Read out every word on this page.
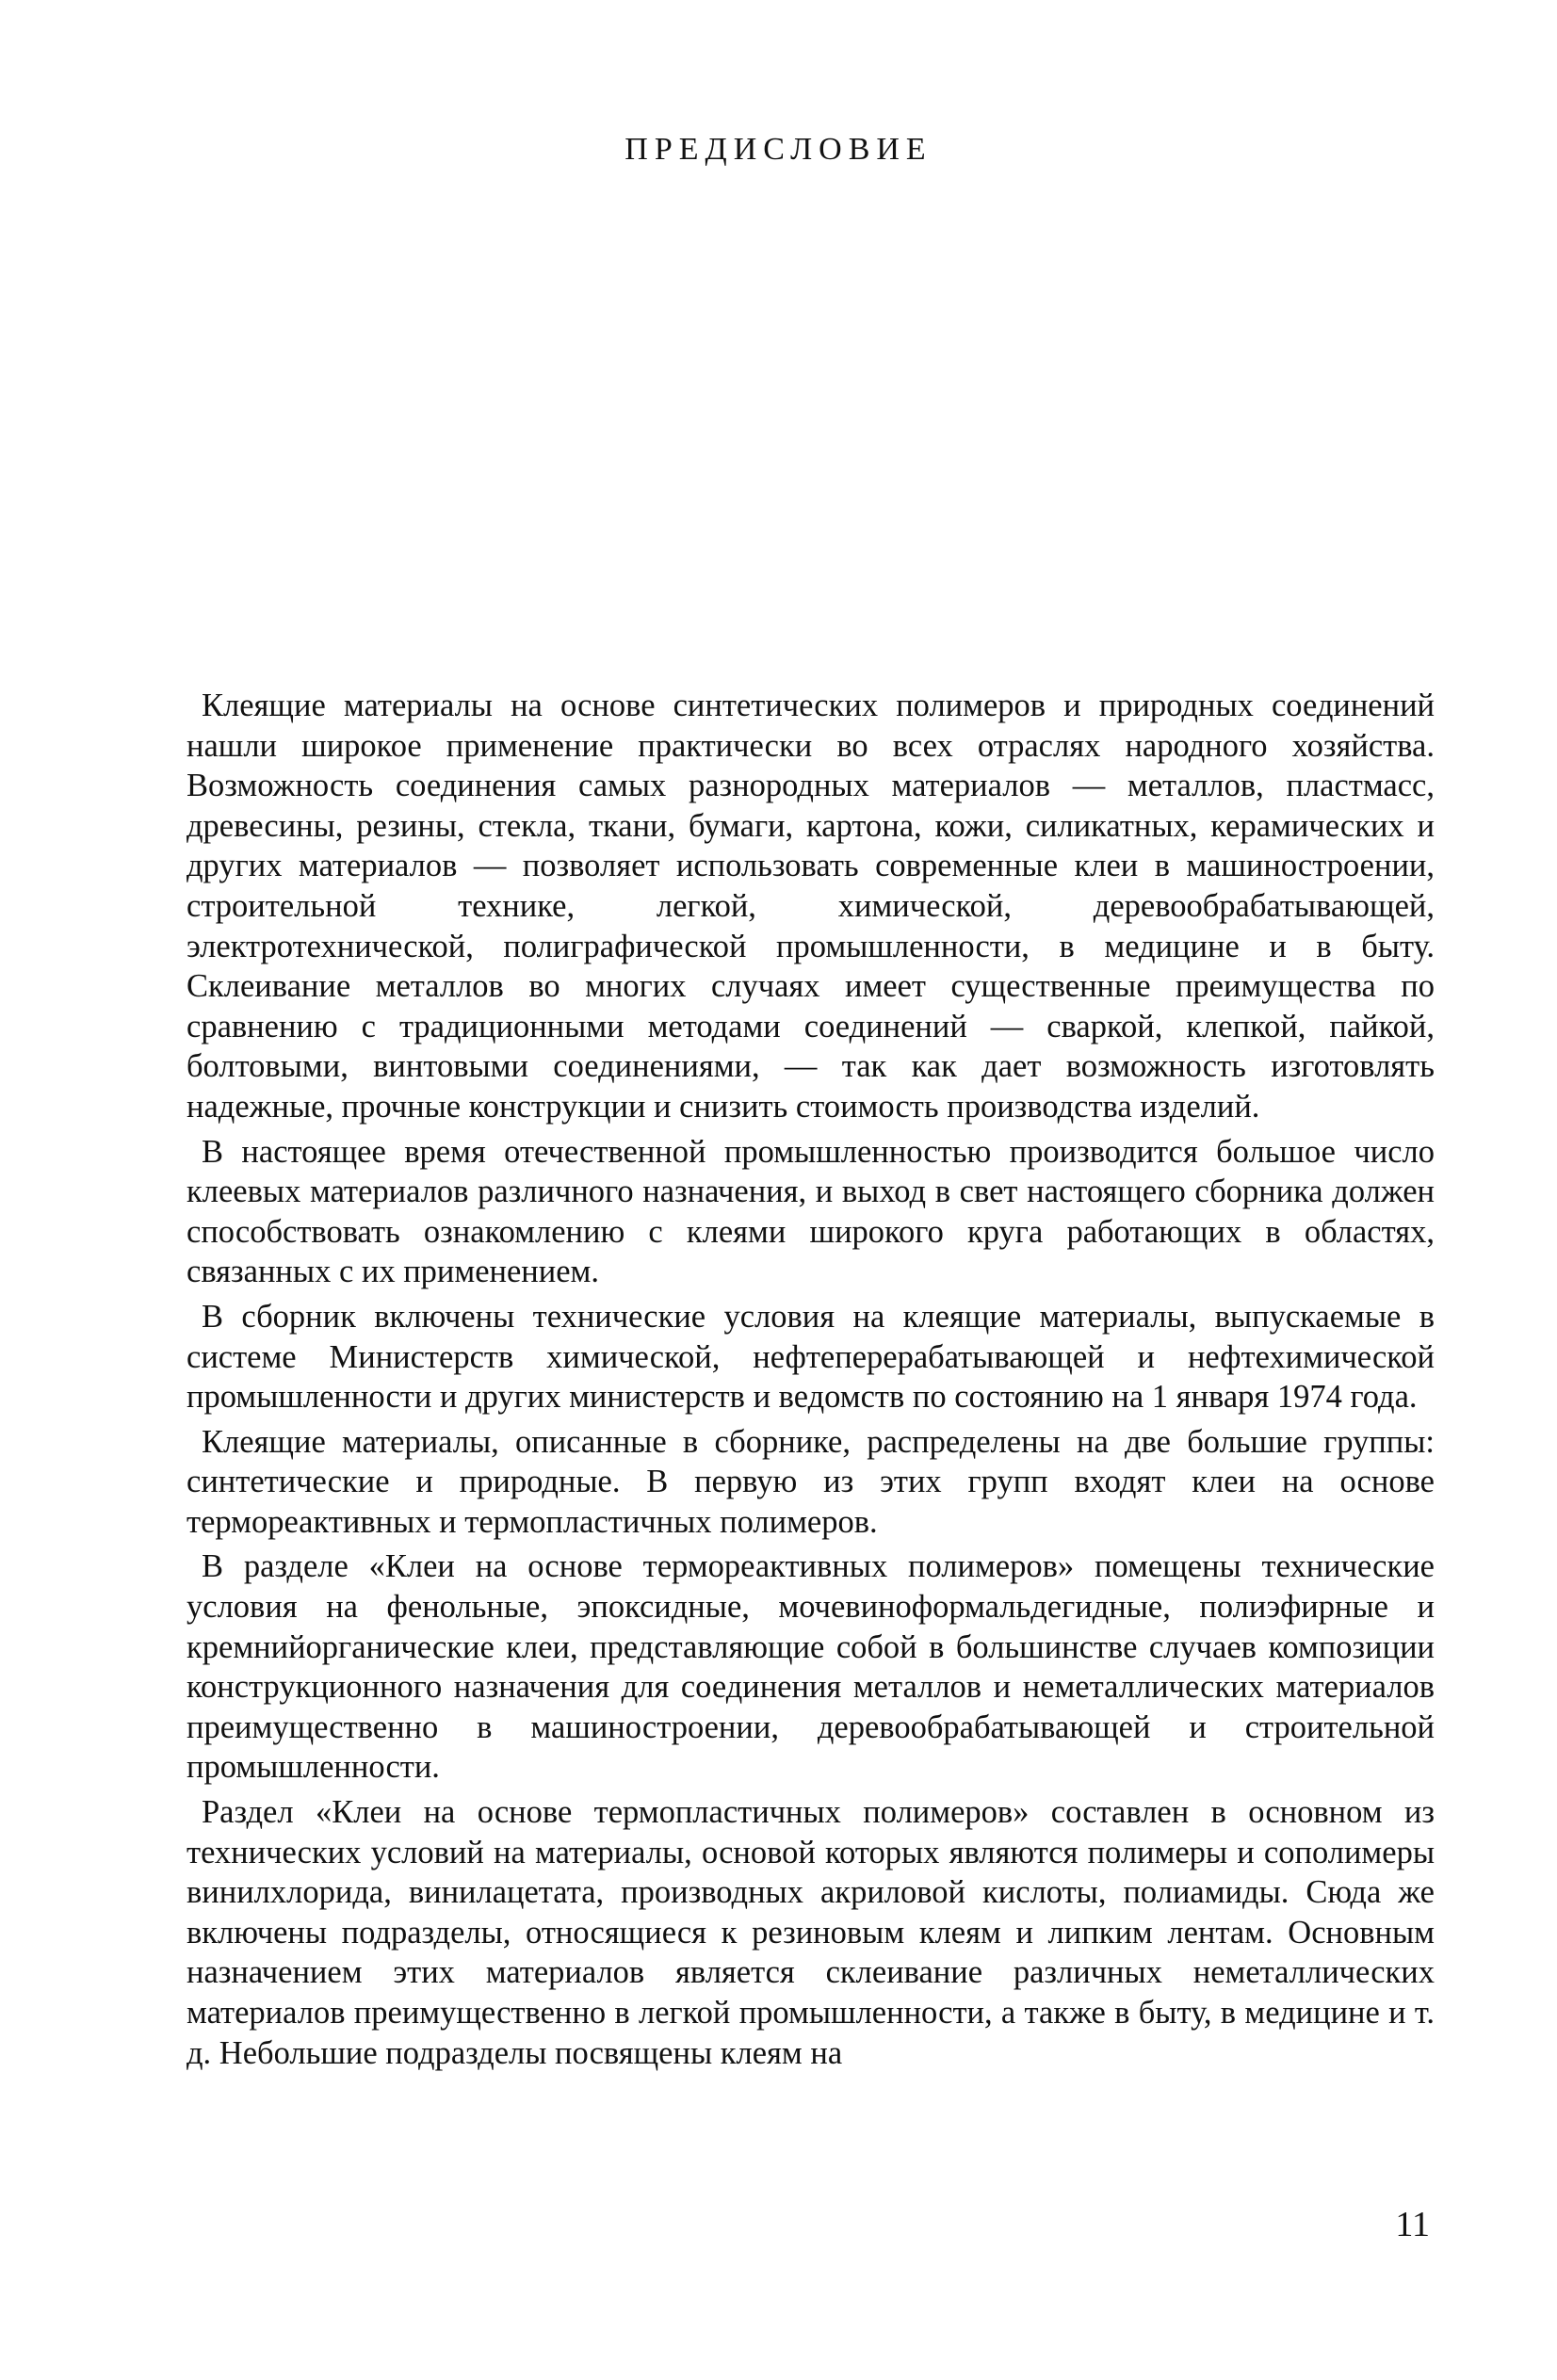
ПРЕДИСЛОВИЕ

Клеящие материалы на основе синтетических полимеров и природных соединений нашли широкое применение практически во всех отраслях народного хозяйства. Возможность соединения самых разнородных материалов — металлов, пластмасс, древесины, резины, стекла, ткани, бумаги, картона, кожи, силикатных, керамических и других материалов — позволяет использовать современные клеи в машиностроении, строительной технике, легкой, химической, деревообрабатывающей, электротехнической, полиграфической промышленности, в медицине и в быту. Склеивание металлов во многих случаях имеет существенные преимущества по сравнению с традиционными методами соединений — сваркой, клепкой, пайкой, болтовыми, винтовыми соединениями, — так как дает возможность изготовлять надежные, прочные конструкции и снизить стоимость производства изделий.

В настоящее время отечественной промышленностью производится большое число клеевых материалов различного назначения, и выход в свет настоящего сборника должен способствовать ознакомлению с клеями широкого круга работающих в областях, связанных с их применением.

В сборник включены технические условия на клеящие материалы, выпускаемые в системе Министерств химической, нефтеперерабатывающей и нефтехимической промышленности и других министерств и ведомств по состоянию на 1 января 1974 года.

Клеящие материалы, описанные в сборнике, распределены на две большие группы: синтетические и природные. В первую из этих групп входят клеи на основе термореактивных и термопластичных полимеров.

В разделе «Клеи на основе термореактивных полимеров» помещены технические условия на фенольные, эпоксидные, мочевиноформальдегидные, полиэфирные и кремнийорганические клеи, представляющие собой в большинстве случаев композиции конструкционного назначения для соединения металлов и неметаллических материалов преимущественно в машиностроении, деревообрабатывающей и строительной промышленности.

Раздел «Клеи на основе термопластичных полимеров» составлен в основном из технических условий на материалы, основой которых являются полимеры и сополимеры винилхлорида, винилацетата, производных акриловой кислоты, полиамиды. Сюда же включены подразделы, относящиеся к резиновым клеям и липким лентам. Основным назначением этих материалов является склеивание различных неметаллических материалов преимущественно в легкой промышленности, а также в быту, в медицине и т. д. Небольшие подразделы посвящены клеям на

11
